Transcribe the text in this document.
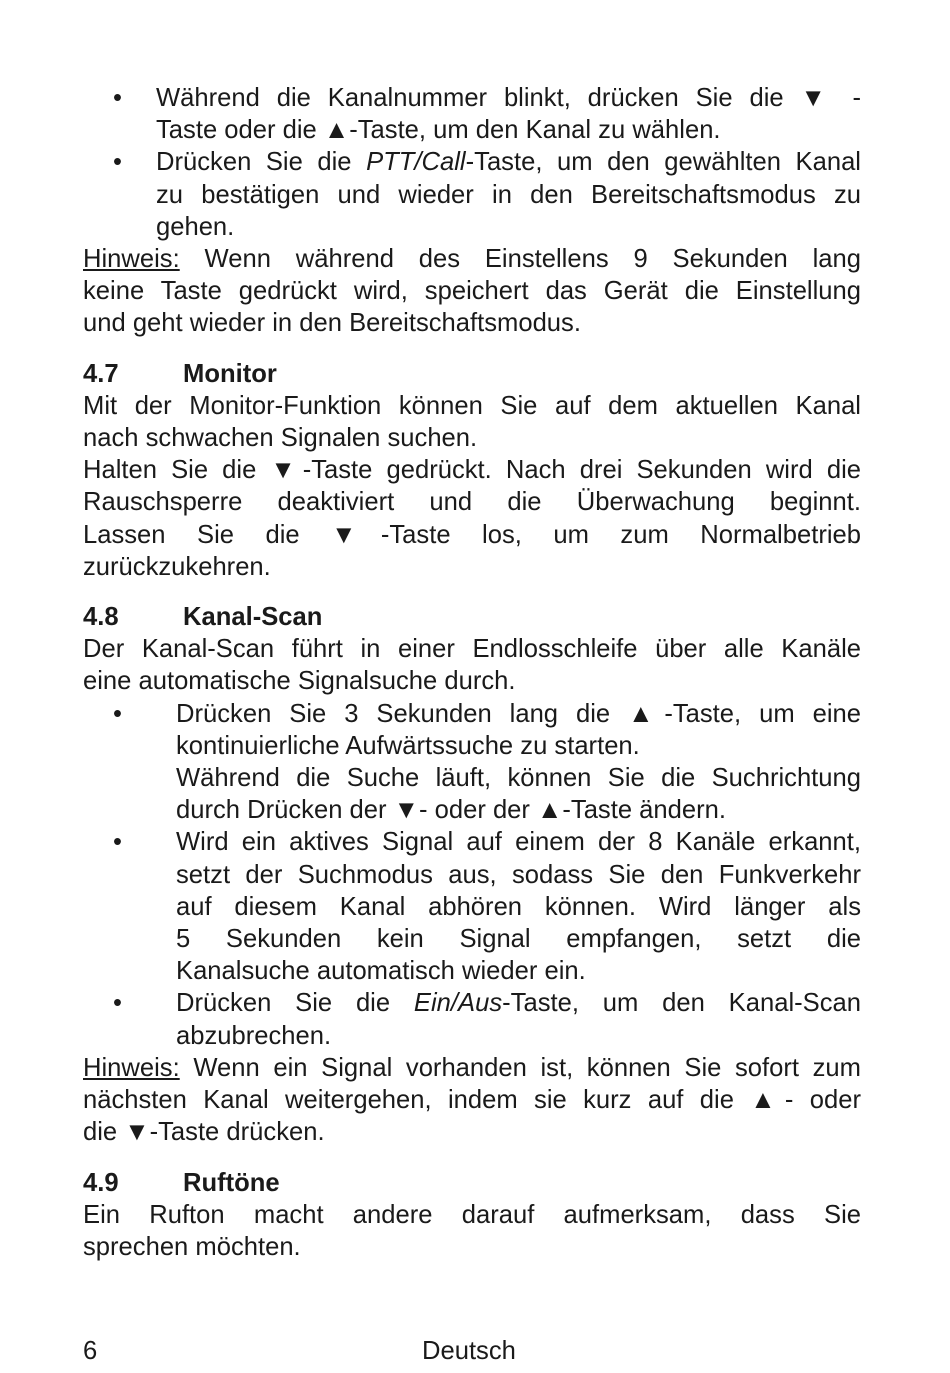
• Während die Kanalnummer blinkt, drücken Sie die ▼ -
Taste oder die ▲-Taste, um den Kanal zu wählen.
• Drücken Sie die PTT/Call-Taste, um den gewählten Kanal
zu bestätigen und wieder in den Bereitschaftsmodus zu
gehen.
Hinweis: Wenn während des Einstellens 9 Sekunden lang
keine Taste gedrückt wird, speichert das Gerät die Einstellung
und geht wieder in den Bereitschaftsmodus.
4.7	Monitor
Mit der Monitor-Funktion können Sie auf dem aktuellen Kanal
nach schwachen Signalen suchen.
Halten Sie die ▼-Taste gedrückt. Nach drei Sekunden wird die
Rauschsperre deaktiviert und die Überwachung beginnt.
Lassen Sie die ▼-Taste los, um zum Normalbetrieb
zurückzukehren.
4.8	Kanal-Scan
Der Kanal-Scan führt in einer Endlosschleife über alle Kanäle
eine automatische Signalsuche durch.
• Drücken Sie 3 Sekunden lang die ▲-Taste, um eine
kontinuierliche Aufwärtssuche zu starten.
Während die Suche läuft, können Sie die Suchrichtung
durch Drücken der ▼- oder der ▲-Taste ändern.
• Wird ein aktives Signal auf einem der 8 Kanäle erkannt,
setzt der Suchmodus aus, sodass Sie den Funkverkehr
auf diesem Kanal abhören können. Wird länger als
5 Sekunden kein Signal empfangen, setzt die
Kanalsuche automatisch wieder ein.
• Drücken Sie die Ein/Aus-Taste, um den Kanal-Scan
abzubrechen.
Hinweis: Wenn ein Signal vorhanden ist, können Sie sofort zum
nächsten Kanal weitergehen, indem sie kurz auf die ▲- oder
die ▼-Taste drücken.
4.9	Ruftöne
Ein Rufton macht andere darauf aufmerksam, dass Sie
sprechen möchten.
6	Deutsch
